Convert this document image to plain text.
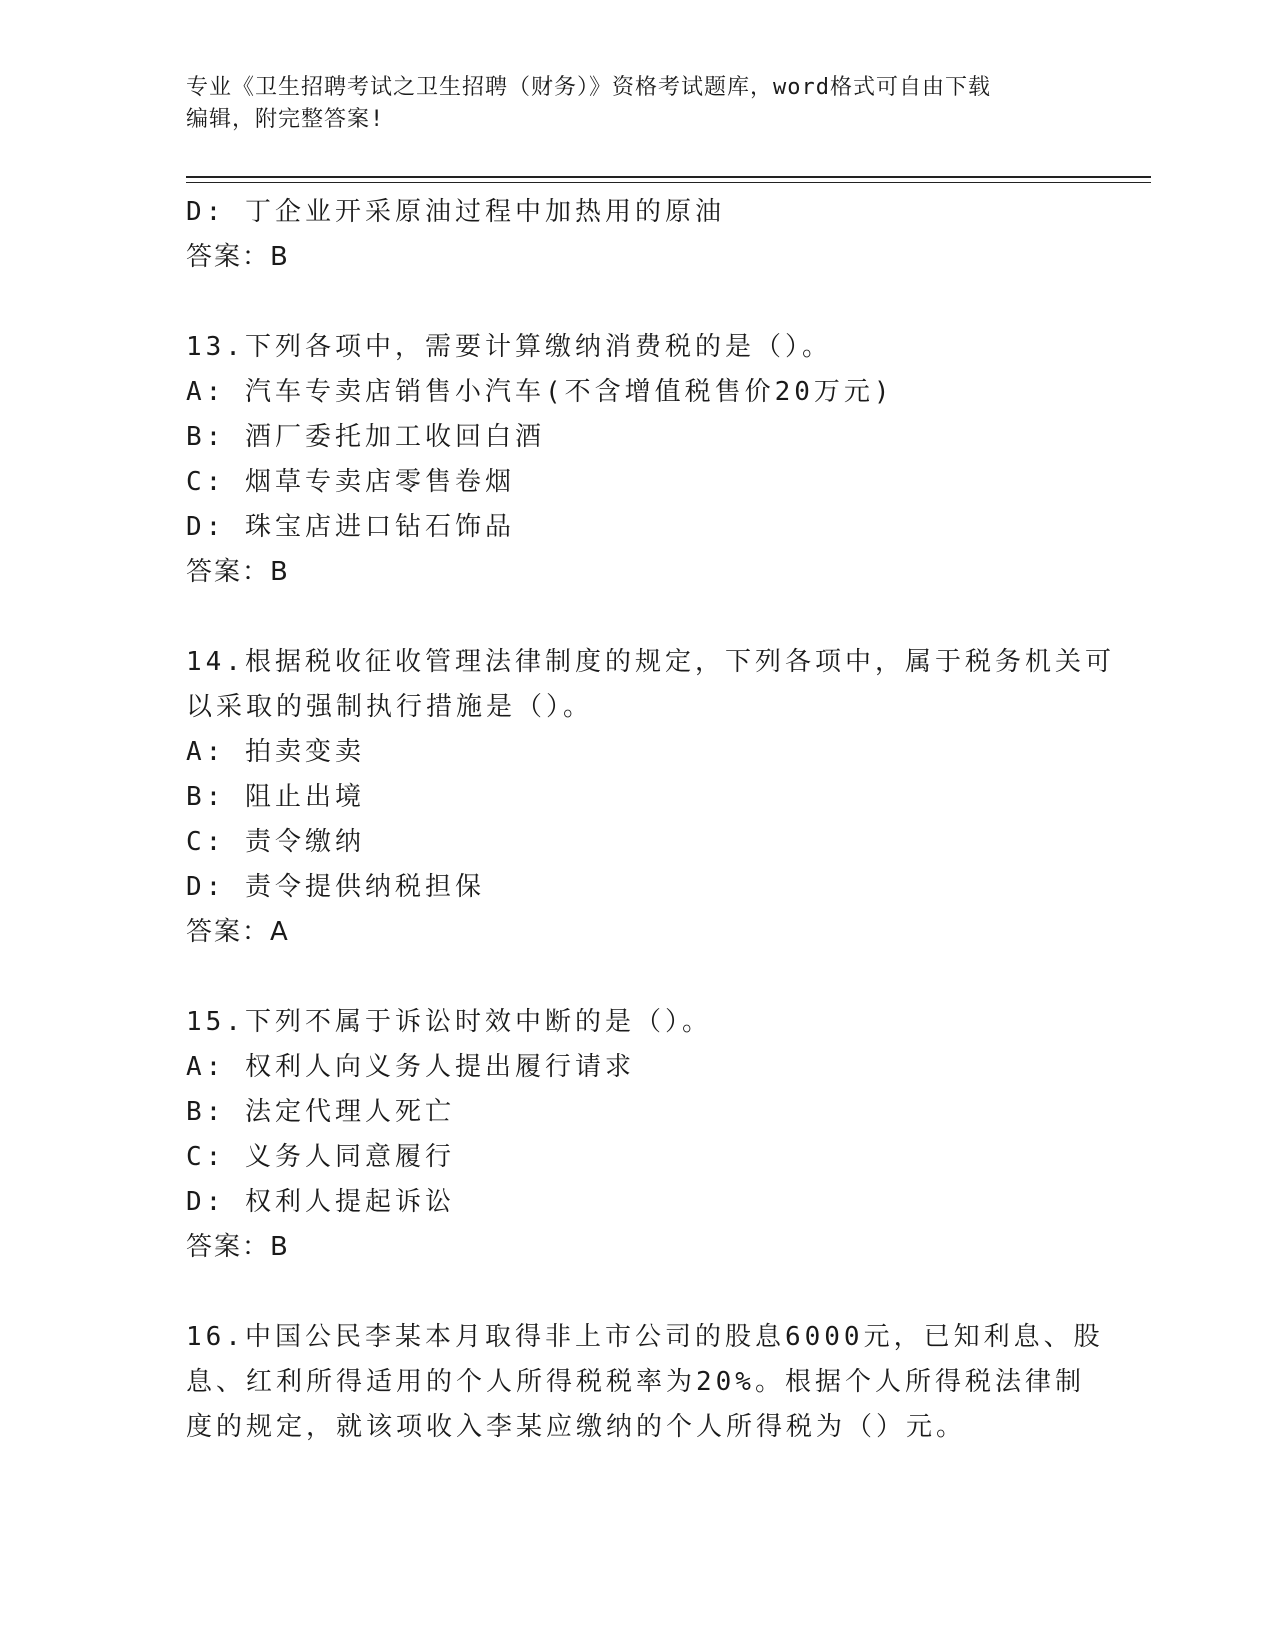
专业《卫生招聘考试之卫生招聘（财务）》资格考试题库，word格式可自由下载
编辑，附完整答案!
D: 丁企业开采原油过程中加热用的原油
答案：B
13.下列各项中，需要计算缴纳消费税的是（）。
A: 汽车专卖店销售小汽车(不含增值税售价20万元)
B: 酒厂委托加工收回白酒
C: 烟草专卖店零售卷烟
D: 珠宝店进口钻石饰品
答案：B
14.根据税收征收管理法律制度的规定，下列各项中，属于税务机关可
以采取的强制执行措施是（）。
A: 拍卖变卖
B: 阻止出境
C: 责令缴纳
D: 责令提供纳税担保
答案：A
15.下列不属于诉讼时效中断的是（）。
A: 权利人向义务人提出履行请求
B: 法定代理人死亡
C: 义务人同意履行
D: 权利人提起诉讼
答案：B
16.中国公民李某本月取得非上市公司的股息6000元，已知利息、股
息、红利所得适用的个人所得税税率为20%。根据个人所得税法律制
度的规定，就该项收入李某应缴纳的个人所得税为（）元。
